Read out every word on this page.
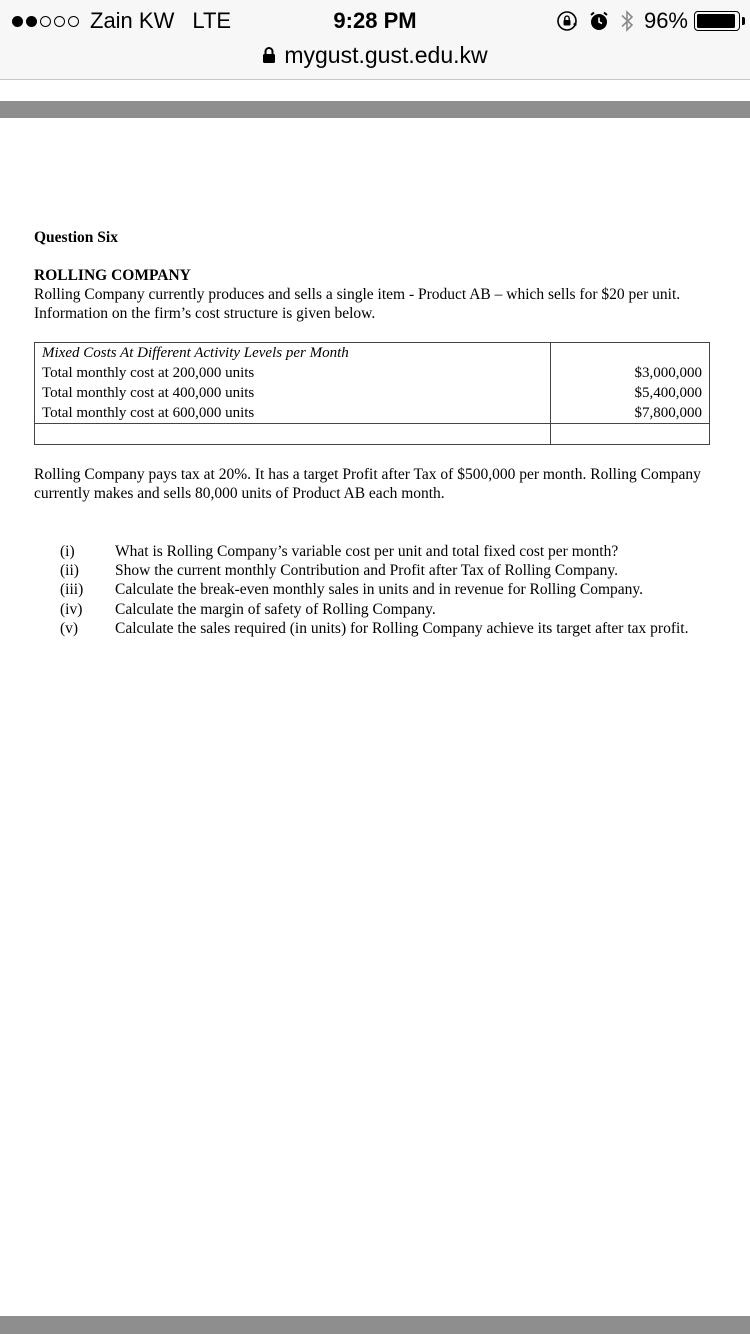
Zain KW LTE	9:28 PM	96%
mygust.gust.edu.kw
Question Six
ROLLING COMPANY
Rolling Company currently produces and sells a single item - Product AB – which sells for $20 per unit. Information on the firm’s cost structure is given below.
Mixed Costs At Different Activity Levels per Month	
Total monthly cost at 200,000 units	$3,000,000
Total monthly cost at 400,000 units	$5,400,000
Total monthly cost at 600,000 units	$7,800,000

Rolling Company pays tax at 20%. It has a target Profit after Tax of $500,000 per month. Rolling Company currently makes and sells 80,000 units of Product AB each month.
(i)	What is Rolling Company’s variable cost per unit and total fixed cost per month?
(ii)	Show the current monthly Contribution and Profit after Tax of Rolling Company.
(iii)	Calculate the break-even monthly sales in units and in revenue for Rolling Company.
(iv)	Calculate the margin of safety of Rolling Company.
(v)	Calculate the sales required (in units) for Rolling Company achieve its target after tax profit.
